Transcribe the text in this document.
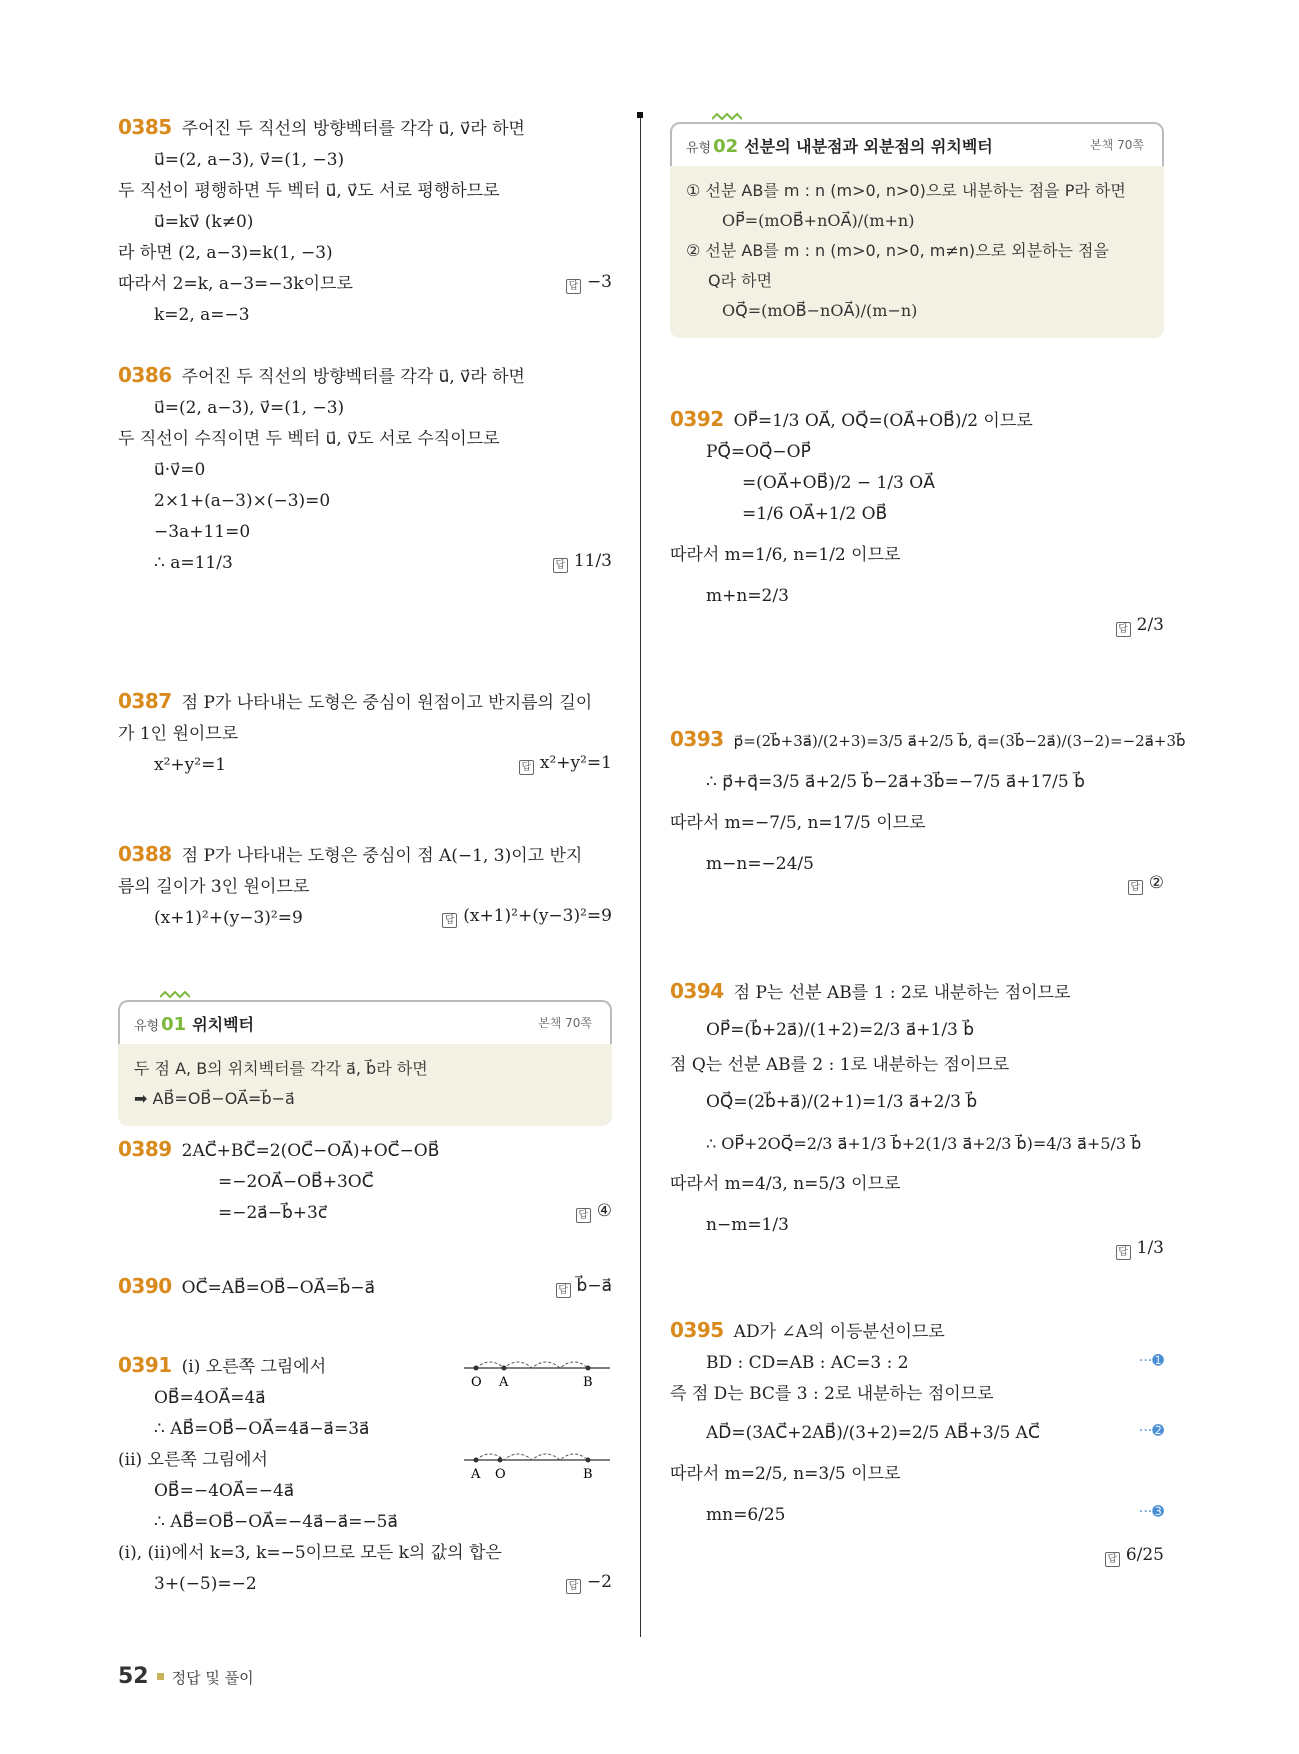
0385 주어진 두 직선의 방향벡터를 각각 u⃗, v⃗라 하면
u⃗=(2, a−3), v⃗=(1, −3)
두 직선이 평행하면 두 벡터 u⃗, v⃗도 서로 평행하므로
u⃗=kv⃗ (k≠0)
라 하면 (2, a−3)=k(1, −3)
따라서 2=k, a−3=−3k이므로
k=2, a=−3
답 −3
0386 주어진 두 직선의 방향벡터를 각각 u⃗, v⃗라 하면
u⃗=(2, a−3), v⃗=(1, −3)
두 직선이 수직이면 두 벡터 u⃗, v⃗도 서로 수직이므로
u⃗·v⃗=0
2×1+(a−3)×(−3)=0
−3a+11=0
∴ a=11/3	답 11/3
0387 점 P가 나타내는 도형은 중심이 원점이고 반지름의 길이
가 1인 원이므로
x²+y²=1	답 x²+y²=1
0388 점 P가 나타내는 도형은 중심이 점 A(−1, 3)이고 반지
름의 길이가 3인 원이므로
(x+1)²+(y−3)²=9	답 (x+1)²+(y−3)²=9
유형 01 위치벡터	본책 70쪽
두 점 A, B의 위치벡터를 각각 a⃗, b⃗라 하면
➡ AB⃗=OB⃗−OA⃗=b⃗−a⃗
0389 2AC⃗+BC⃗=2(OC⃗−OA⃗)+OC⃗−OB⃗
=−2OA⃗−OB⃗+3OC⃗
=−2a⃗−b⃗+3c⃗	답 ④
0390 OC⃗=AB⃗=OB⃗−OA⃗=b⃗−a⃗	답 b⃗−a⃗
0391 (i) 오른쪽 그림에서
OB⃗=4OA⃗=4a⃗
∴ AB⃗=OB⃗−OA⃗=4a⃗−a⃗=3a⃗
(ii) 오른쪽 그림에서
OB⃗=−4OA⃗=−4a⃗
∴ AB⃗=OB⃗−OA⃗=−4a⃗−a⃗=−5a⃗
(i), (ii)에서 k=3, k=−5이므로 모든 k의 값의 합은
3+(−5)=−2
O A	B
A O	B
답 −2
유형 02 선분의 내분점과 외분점의 위치벡터	본책 70쪽
① 선분 AB를 m : n (m>0, n>0)으로 내분하는 점을 P라 하면
OP⃗=(mOB⃗+nOA⃗)/(m+n)
② 선분 AB를 m : n (m>0, n>0, m≠n)으로 외분하는 점을
Q라 하면
OQ⃗=(mOB⃗−nOA⃗)/(m−n)
0392 OP⃗=1/3 OA⃗, OQ⃗=(OA⃗+OB⃗)/2 이므로
PQ⃗=OQ⃗−OP⃗
=(OA⃗+OB⃗)/2 − 1/3 OA⃗
=1/6 OA⃗+1/2 OB⃗
따라서 m=1/6, n=1/2 이므로
m+n=2/3
답 2/3
0393 p⃗=(2b⃗+3a⃗)/(2+3)=3/5 a⃗+2/5 b⃗, q⃗=(3b⃗−2a⃗)/(3−2)=−2a⃗+3b⃗
∴ p⃗+q⃗=3/5 a⃗+2/5 b⃗−2a⃗+3b⃗=−7/5 a⃗+17/5 b⃗
따라서 m=−7/5, n=17/5 이므로
m−n=−24/5
답 ②
0394 점 P는 선분 AB를 1 : 2로 내분하는 점이므로
OP⃗=(b⃗+2a⃗)/(1+2)=2/3 a⃗+1/3 b⃗
점 Q는 선분 AB를 2 : 1로 내분하는 점이므로
OQ⃗=(2b⃗+a⃗)/(2+1)=1/3 a⃗+2/3 b⃗
∴ OP⃗+2OQ⃗=2/3 a⃗+1/3 b⃗+2(1/3 a⃗+2/3 b⃗)=4/3 a⃗+5/3 b⃗
따라서 m=4/3, n=5/3 이므로
n−m=1/3
답 1/3
0395 AD가 ∠A의 이등분선이므로
BD : CD=AB : AC=3 : 2
즉 점 D는 BC를 3 : 2로 내분하는 점이므로
AD⃗=(3AC⃗+2AB⃗)/(3+2)=2/5 AB⃗+3/5 AC⃗
따라서 m=2/5, n=3/5 이므로
mn=6/25
···➊
···➋
···➌
답 6/25
52 정답 및 풀이
